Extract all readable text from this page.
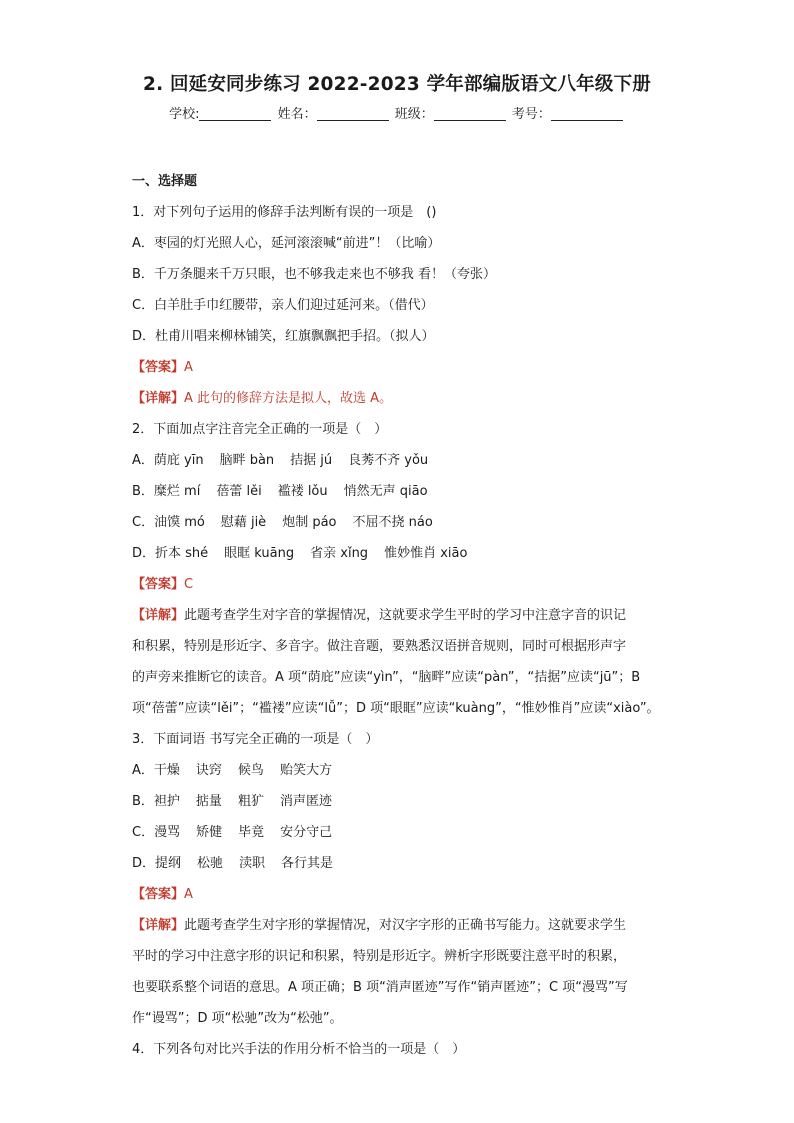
2. 回延安同步练习 2022-2023 学年部编版语文八年级下册
学校:	姓名：	班级：	考号：
一、选择题
1．对下列句子运用的修辞手法判断有误的一项是　()
A．枣园的灯光照人心，延河滚滚喊“前进”！（比喻）
B．千万条腿来千万只眼，也不够我走来也不够我 看！（夸张）
C．白羊肚手巾红腰带，亲人们迎过延河来。（借代）
D．杜甫川唱来柳林铺笑，红旗飘飘把手招。（拟人）
【答案】A
【详解】A 此句的修辞方法是拟人，故选 A。
2．下面加点字注音完全正确的一项是（　）
A．荫庇 yīn 脑畔 bàn 拮据 jú 良莠不齐 yǒu
B．糜烂 mí 蓓蕾 lěi 褴褛 lǒu 悄然无声 qiāo
C．油馍 mó 慰藉 jiè 炮制 páo 不屈不挠 náo
D．折本 shé 眼眶 kuāng 省亲 xǐng 惟妙惟肖 xiāo
【答案】C
【详解】此题考查学生对字音的掌握情况，这就要求学生平时的学习中注意字音的识记
和积累，特别是形近字、多音字。做注音题，要熟悉汉语拼音规则，同时可根据形声字
的声旁来推断它的读音。A 项“荫庇”应读“yìn”，“脑畔”应读“pàn”，“拮据”应读“jū”；B
项“蓓蕾”应读“lěi”；“褴褛”应读“lǚ”；D 项“眼眶”应读“kuàng”，“惟妙惟肖”应读“xiào”。
3．下面词语 书写完全正确的一项是（　）
A．干燥 诀窍 候鸟 贻笑大方
B．袒护 掂量 粗犷 消声匿迹
C．漫骂 矫健 毕竟 安分守己
D．提纲 松驰 渎职 各行其是
【答案】A
【详解】此题考查学生对字形的掌握情况，对汉字字形的正确书写能力。这就要求学生
平时的学习中注意字形的识记和积累，特别是形近字。辨析字形既要注意平时的积累，
也要联系整个词语的意思。A 项正确；B 项“消声匿迹”写作“销声匿迹”；C 项“漫骂”写
作“谩骂”；D 项“松驰”改为“松弛”。
4．下列各句对比兴手法的作用分析不恰当的一项是（　）
